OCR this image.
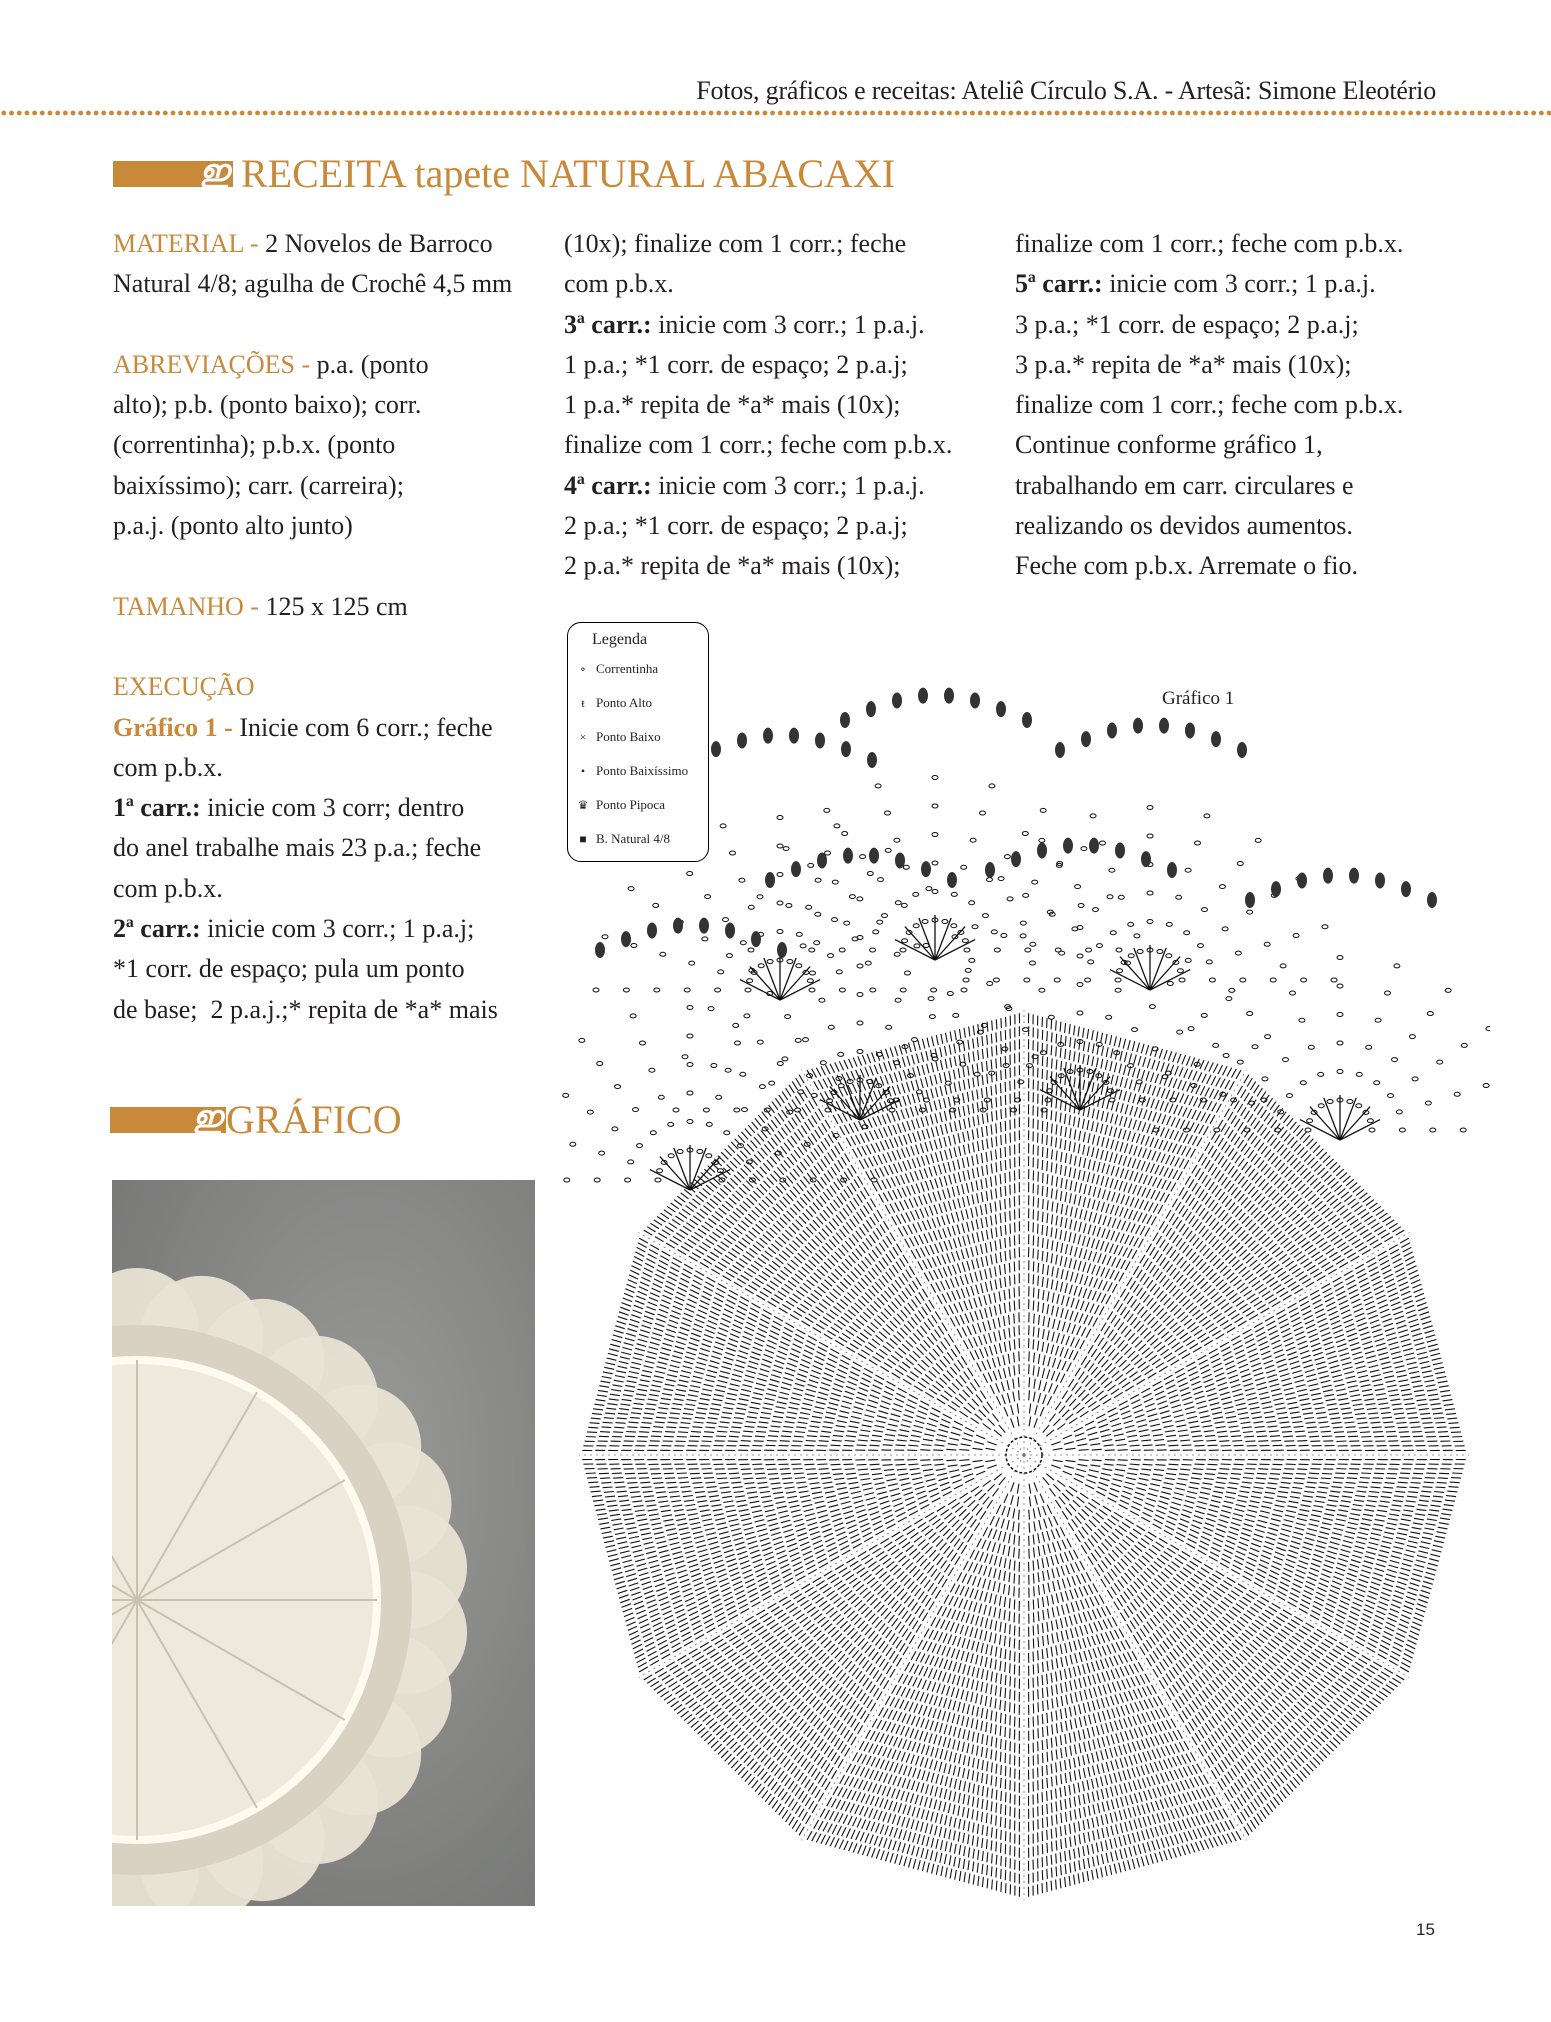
Fotos, gráficos e receitas: Ateliê Círculo S.A. - Artesã: Simone Eleotério
ഇ RECEITA tapete NATURAL ABACAXI
MATERIAL - 2 Novelos de Barroco
Natural 4/8; agulha de Crochê 4,5 mm
ABREVIAÇÕES - p.a. (ponto
alto); p.b. (ponto baixo); corr.
(correntinha); p.b.x. (ponto
baixíssimo); carr. (carreira);
p.a.j. (ponto alto junto)
TAMANHO - 125 x 125 cm
EXECUÇÃO
Gráfico 1 - Inicie com 6 corr.; feche
com p.b.x.
1ª carr.: inicie com 3 corr; dentro
do anel trabalhe mais 23 p.a.; feche
com p.b.x.
2ª carr.: inicie com 3 corr.; 1 p.a.j;
*1 corr. de espaço; pula um ponto
de base;  2 p.a.j.;* repita de *a* mais
(10x); finalize com 1 corr.; feche
com p.b.x.
3ª carr.: inicie com 3 corr.; 1 p.a.j.
1 p.a.; *1 corr. de espaço; 2 p.a.j;
1 p.a.* repita de *a* mais (10x);
finalize com 1 corr.; feche com p.b.x.
4ª carr.: inicie com 3 corr.; 1 p.a.j.
2 p.a.; *1 corr. de espaço; 2 p.a.j;
2 p.a.* repita de *a* mais (10x);
finalize com 1 corr.; feche com p.b.x.
5ª carr.: inicie com 3 corr.; 1 p.a.j.
3 p.a.; *1 corr. de espaço; 2 p.a.j;
3 p.a.* repita de *a* mais (10x);
finalize com 1 corr.; feche com p.b.x.
Continue conforme gráfico 1,
trabalhando em carr. circulares e
realizando os devidos aumentos.
Feche com p.b.x. Arremate o fio.
ഇ GRÁFICO
Gráfico 1
Legenda
∘ Correntinha
ŧ Ponto Alto
× Ponto Baixo
• Ponto Baixíssimo
♛ Ponto Pipoca
■ B. Natural 4/8
15
